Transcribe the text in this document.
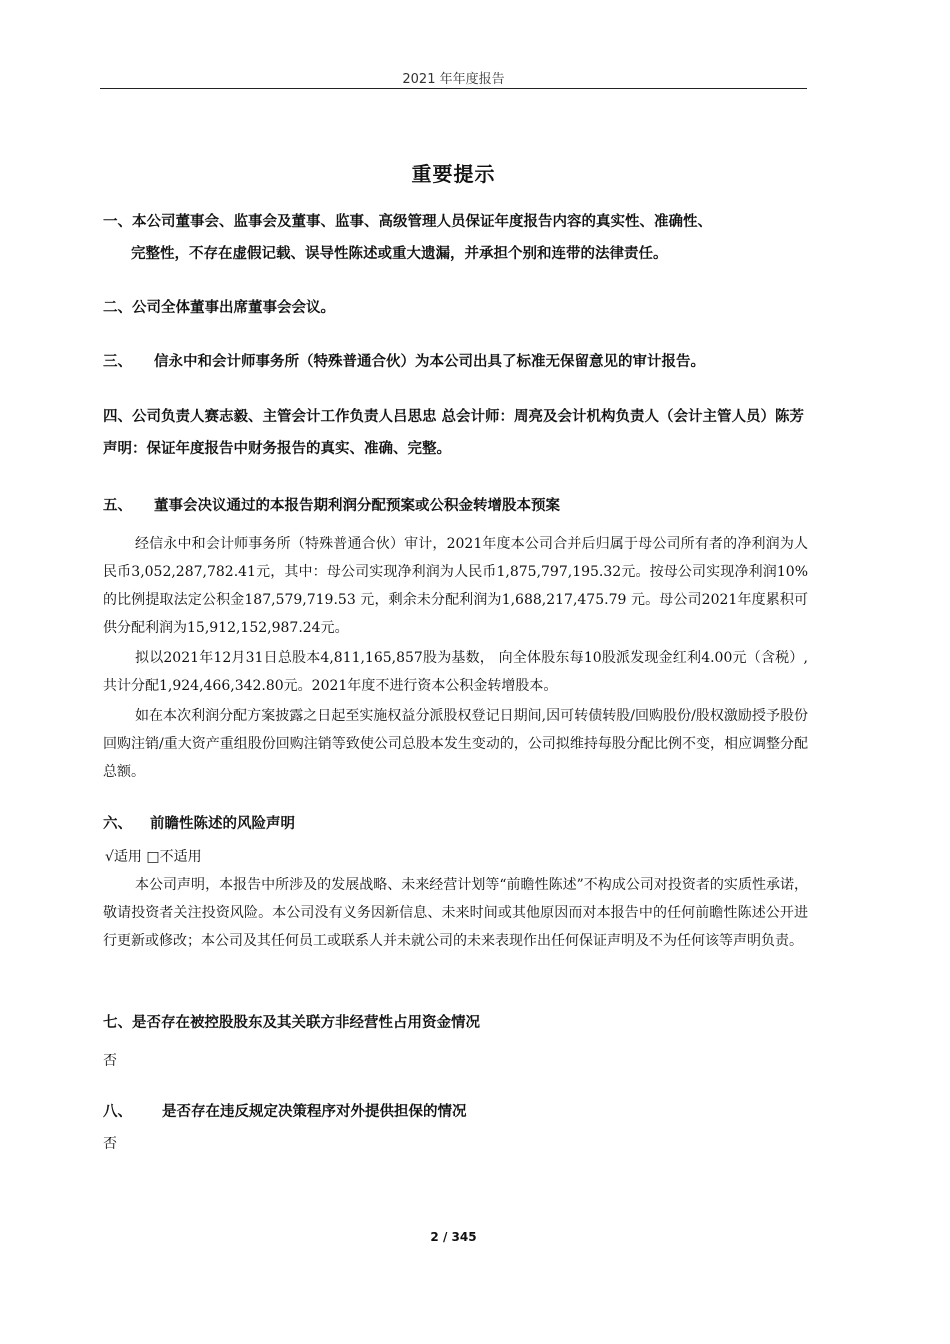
2021 年年度报告
重要提示
一、本公司董事会、监事会及董事、监事、高级管理人员保证年度报告内容的真实性、准确性、
完整性，不存在虚假记载、误导性陈述或重大遗漏，并承担个别和连带的法律责任。
二、公司全体董事出席董事会会议。
三、 信永中和会计师事务所（特殊普通合伙）为本公司出具了标准无保留意见的审计报告。
四、公司负责人赛志毅、主管会计工作负责人吕思忠 总会计师：周亮及会计机构负责人（会计主管人员）陈芳声明：保证年度报告中财务报告的真实、准确、完整。
五、 董事会决议通过的本报告期利润分配预案或公积金转增股本预案

经信永中和会计师事务所（特殊普通合伙）审计，2021年度本公司合并后归属于母公司所有者的净利润为人民币3,052,287,782.41元，其中：母公司实现净利润为人民币1,875,797,195.32元。按母公司实现净利润10%的比例提取法定公积金187,579,719.53 元，剩余未分配利润为1,688,217,475.79 元。母公司2021年度累积可供分配利润为15,912,152,987.24元。

拟以2021年12月31日总股本4,811,165,857股为基数， 向全体股东每10股派发现金红利4.00元（含税）,共计分配1,924,466,342.80元。2021年度不进行资本公积金转增股本。

如在本次利润分配方案披露之日起至实施权益分派股权登记日期间,因可转债转股/回购股份/股权激励授予股份回购注销/重大资产重组股份回购注销等致使公司总股本发生变动的，公司拟维持每股分配比例不变，相应调整分配总额。

六、 前瞻性陈述的风险声明

√适用 □不适用

本公司声明，本报告中所涉及的发展战略、未来经营计划等“前瞻性陈述”不构成公司对投资者的实质性承诺，敬请投资者关注投资风险。本公司没有义务因新信息、未来时间或其他原因而对本报告中的任何前瞻性陈述公开进行更新或修改；本公司及其任何员工或联系人并未就公司的未来表现作出任何保证声明及不为任何该等声明负责。

七、是否存在被控股股东及其关联方非经营性占用资金情况

否

八、 是否存在违反规定决策程序对外提供担保的情况

否

2 / 345
